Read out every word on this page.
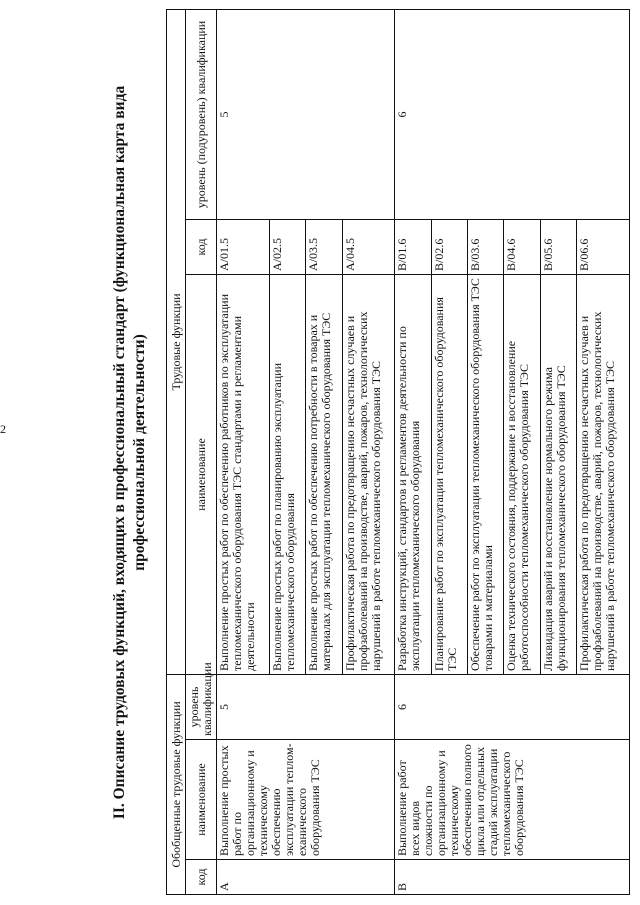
2	II. Описание трудовых функций, входящих в профессиональный стандарт (функциональная карта вида профессиональной деятельности)
Обобщенные трудовые функции			Трудовые функции		
код	наименование	уровень квалификации	наименование	код	уровень (подуровень) квалификации
A	Выполнение простых работ по организационному и техническому обеспечению эксплуатации тепломеханического оборудования ТЭС	5	Выполнение простых работ по обеспечению работников по эксплуатации тепломеханического оборудования ТЭС стандартами и регламентами деятельности	A/01.5	5
			Выполнение простых работ по планированию эксплуатации тепломеханического оборудования	A/02.5	
			Выполнение простых работ по обеспечению потребности в товарах и материалах для эксплуатации тепломеханического оборудования ТЭС	A/03.5	
			Профилактическая работа по предотвращению несчастных случаев и профзаболеваний на производстве, аварий, пожаров, технологических нарушений в работе тепломеханического оборудования ТЭС	A/04.5	
B	Выполнение работ всех видов сложности по организационному и техническому обеспечению полного цикла или отдельных стадий эксплуатации тепломеханического оборудования ТЭС	6	Разработка инструкций, стандартов и регламентов деятельности по эксплуатации тепломеханического оборудования	B/01.6	6
			Планирование работ по эксплуатации тепломеханического оборудования ТЭС	B/02.6	
			Обеспечение работ по эксплуатации тепломеханического оборудования ТЭС товарами и материалами	B/03.6	
			Оценка технического состояния, поддержание и восстановление работоспособности тепломеханического оборудования ТЭС	B/04.6	
			Ликвидация аварий и восстановление нормального режима функционирования тепломеханического оборудования ТЭС	B/05.6	
			Профилактическая работа по предотвращению несчастных случаев и профзаболеваний на производстве, аварий, пожаров, технологических нарушений в работе тепломеханического оборудования ТЭС	B/06.6	
